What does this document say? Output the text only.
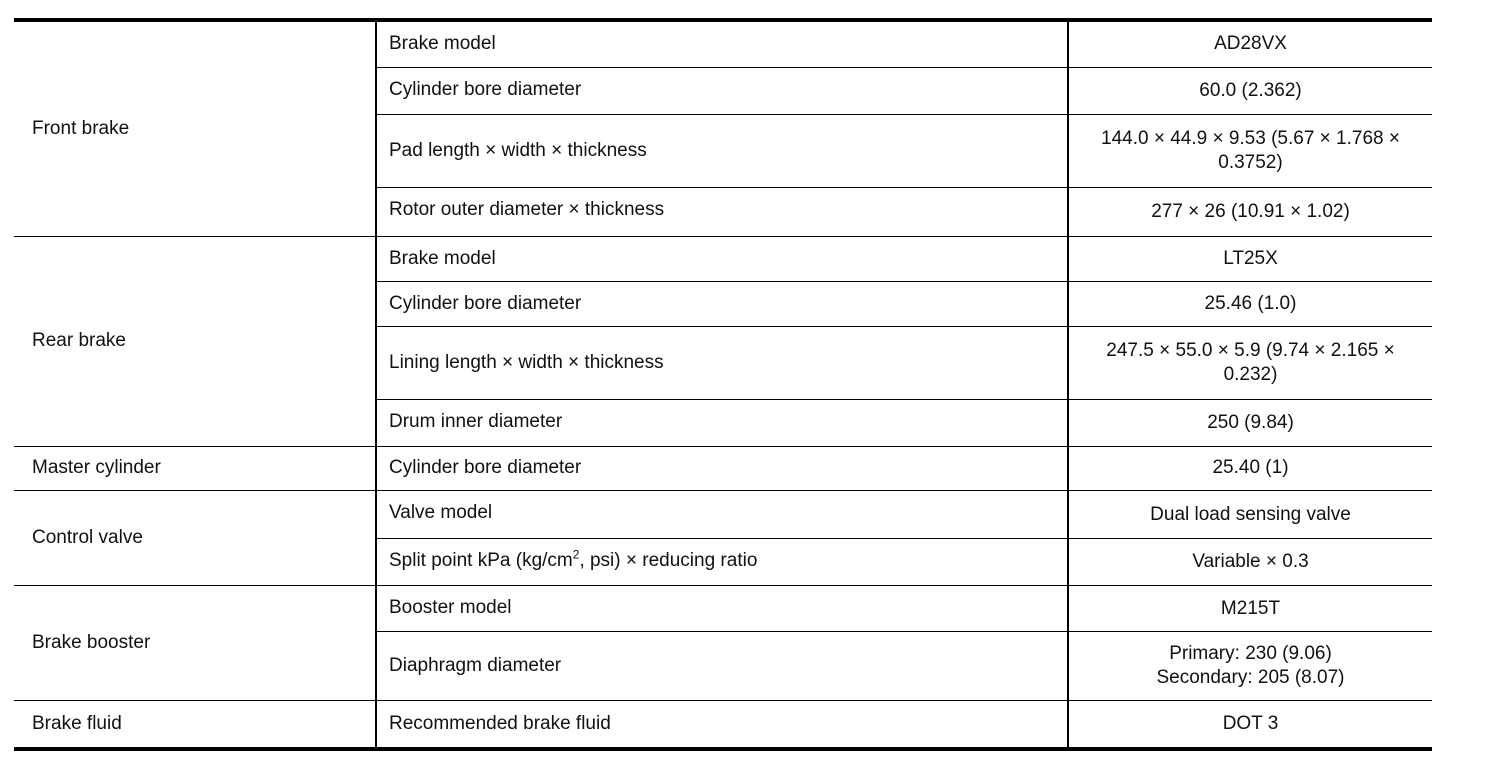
Front brake	Brake model	AD28VX
	Cylinder bore diameter	60.0 (2.362)
	Pad length × width × thickness	144.0 × 44.9 × 9.53 (5.67 × 1.768 ×
0.3752)

	Rotor outer diameter × thickness	277 × 26 (10.91 × 1.02)
Rear brake	Brake model	LT25X
	Cylinder bore diameter	25.46 (1.0)
	Lining length × width × thickness	247.5 × 55.0 × 5.9 (9.74 × 2.165 ×
0.232)

	Drum inner diameter	250 (9.84)
Master cylinder	Cylinder bore diameter	25.40 (1)
Control valve	Valve model	Dual load sensing valve
	Split point kPa ($kg/cm^2$, psi) × reducing ratio	Variable × 0.3
Brake booster	Booster model	M215T
	Diaphragm diameter	Primary: 230 (9.06)
Secondary: 205 (8.07)

Brake fluid	Recommended brake fluid	DOT 3
